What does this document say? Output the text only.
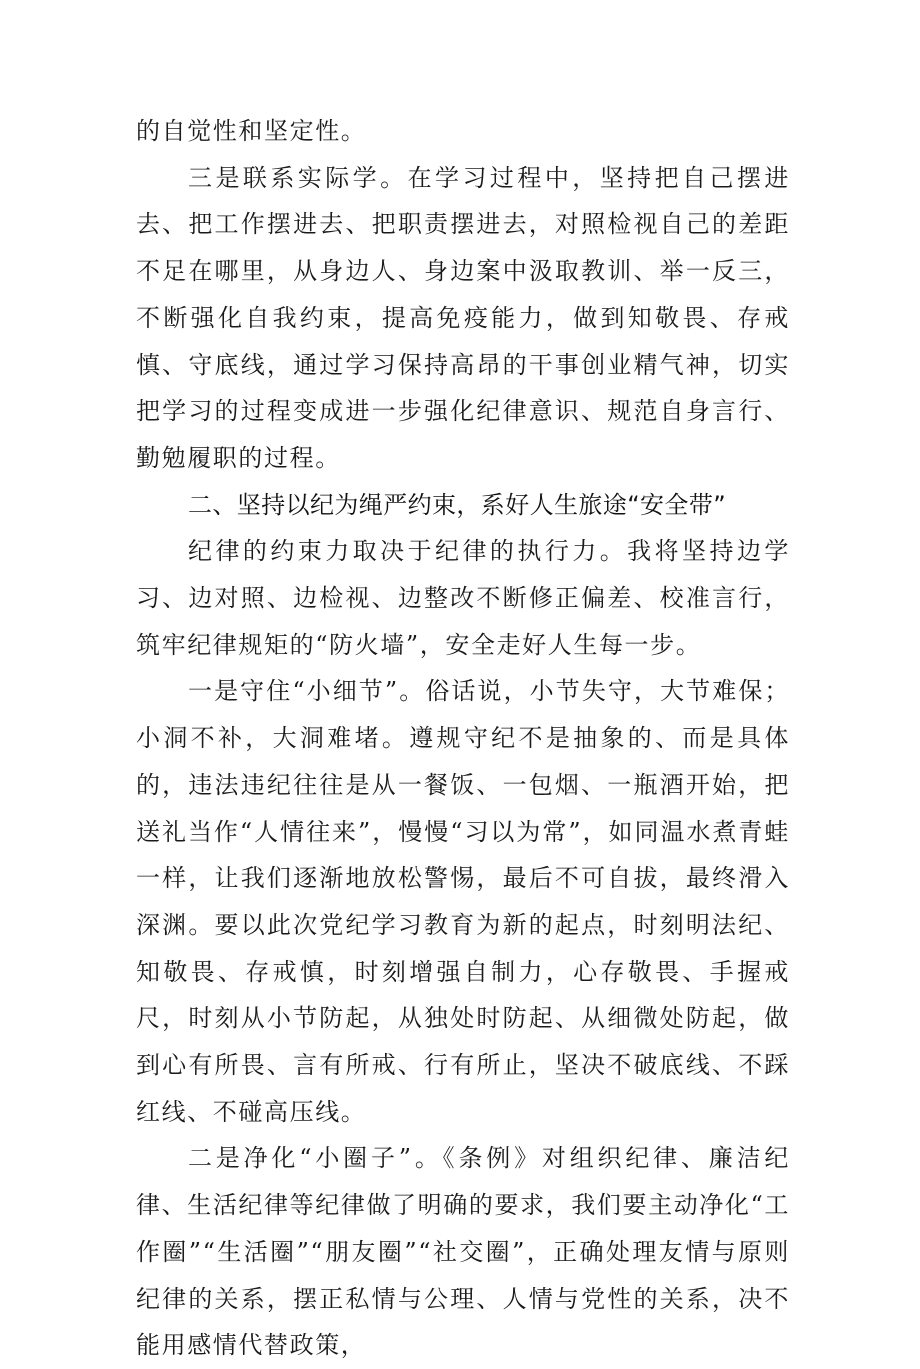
的自觉性和坚定性。

三是联系实际学。在学习过程中，坚持把自己摆进去、把工作摆进去、把职责摆进去，对照检视自己的差距不足在哪里，从身边人、身边案中汲取教训、举一反三，不断强化自我约束，提高免疫能力，做到知敬畏、存戒慎、守底线，通过学习保持高昂的干事创业精气神，切实把学习的过程变成进一步强化纪律意识、规范自身言行、勤勉履职的过程。

二、坚持以纪为绳严约束，系好人生旅途“安全带”

纪律的约束力取决于纪律的执行力。我将坚持边学习、边对照、边检视、边整改不断修正偏差、校准言行，筑牢纪律规矩的“防火墙”，安全走好人生每一步。

一是守住“小细节”。俗话说，小节失守，大节难保；小洞不补，大洞难堵。遵规守纪不是抽象的、而是具体的，违法违纪往往是从一餐饭、一包烟、一瓶酒开始，把送礼当作“人情往来”，慢慢“习以为常”，如同温水煮青蛙一样，让我们逐渐地放松警惕，最后不可自拔，最终滑入深渊。要以此次党纪学习教育为新的起点，时刻明法纪、知敬畏、存戒慎，时刻增强自制力，心存敬畏、手握戒尺，时刻从小节防起，从独处时防起、从细微处防起，做到心有所畏、言有所戒、行有所止，坚决不破底线、不踩红线、不碰高压线。

二是净化“小圈子”。《条例》对组织纪律、廉洁纪律、生活纪律等纪律做了明确的要求，我们要主动净化“工作圈”“生活圈”“朋友圈”“社交圈”，正确处理友情与原则纪律的关系，摆正私情与公理、人情与党性的关系，决不能用感情代替政策，
